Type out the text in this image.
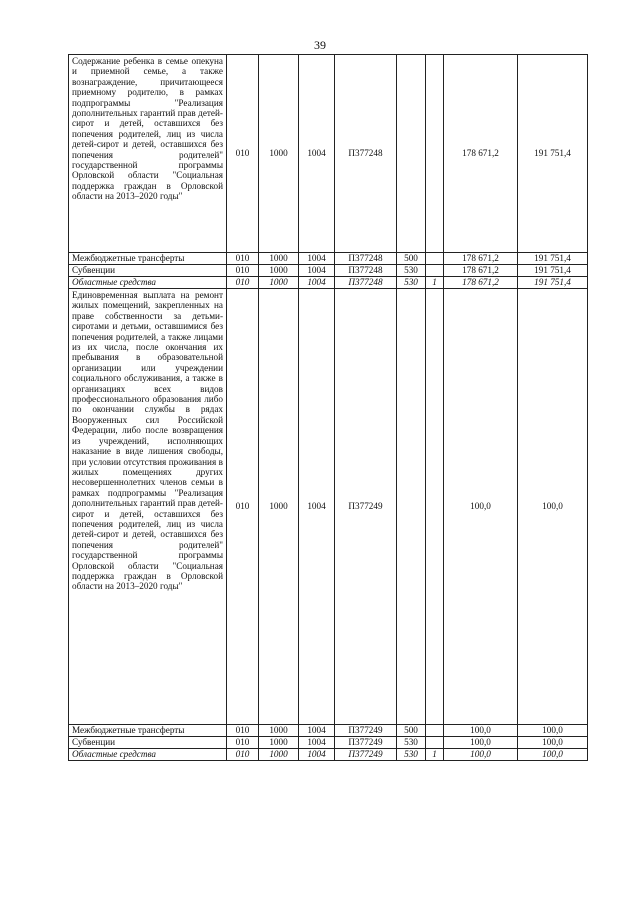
39
Содержание ребенка в семье опекуна и приемной семье, а также вознаграждение, причитающееся приемному родителю, в рамках подпрограммы "Реализация дополнительных гарантий прав детей-сирот и детей, оставшихся без попечения родителей, лиц из числа детей-сирот и детей, оставшихся без попечения родителей" государственной программы Орловской области "Социальная поддержка граждан в Орловской области на 2013–2020 годы"	010	1000	1004	П377248			178 671,2	191 751,4
Межбюджетные трансферты	010	1000	1004	П377248	500		178 671,2	191 751,4
Субвенции	010	1000	1004	П377248	530		178 671,2	191 751,4
Областные средства	010	1000	1004	П377248	530	1	178 671,2	191 751,4
Единовременная выплата на ремонт жилых помещений, закрепленных на праве собственности за детьми-сиротами и детьми, оставшимися без попечения родителей, а также лицами из их числа, после окончания их пребывания в образовательной организации или учреждении социального обслуживания, а также в организациях всех видов профессионального образования либо по окончании службы в рядах Вооруженных сил Российской Федерации, либо после возвращения из учреждений, исполняющих наказание в виде лишения свободы, при условии отсутствия проживания в жилых помещениях других несовершеннолетних членов семьи в рамках подпрограммы "Реализация дополнительных гарантий прав детей-сирот и детей, оставшихся без попечения родителей, лиц из числа детей-сирот и детей, оставшихся без попечения родителей" государственной программы Орловской области "Социальная поддержка граждан в Орловской области на 2013–2020 годы"	010	1000	1004	П377249			100,0	100,0
Межбюджетные трансферты	010	1000	1004	П377249	500		100,0	100,0
Субвенции	010	1000	1004	П377249	530		100,0	100,0
Областные средства	010	1000	1004	П377249	530	1	100,0	100,0
